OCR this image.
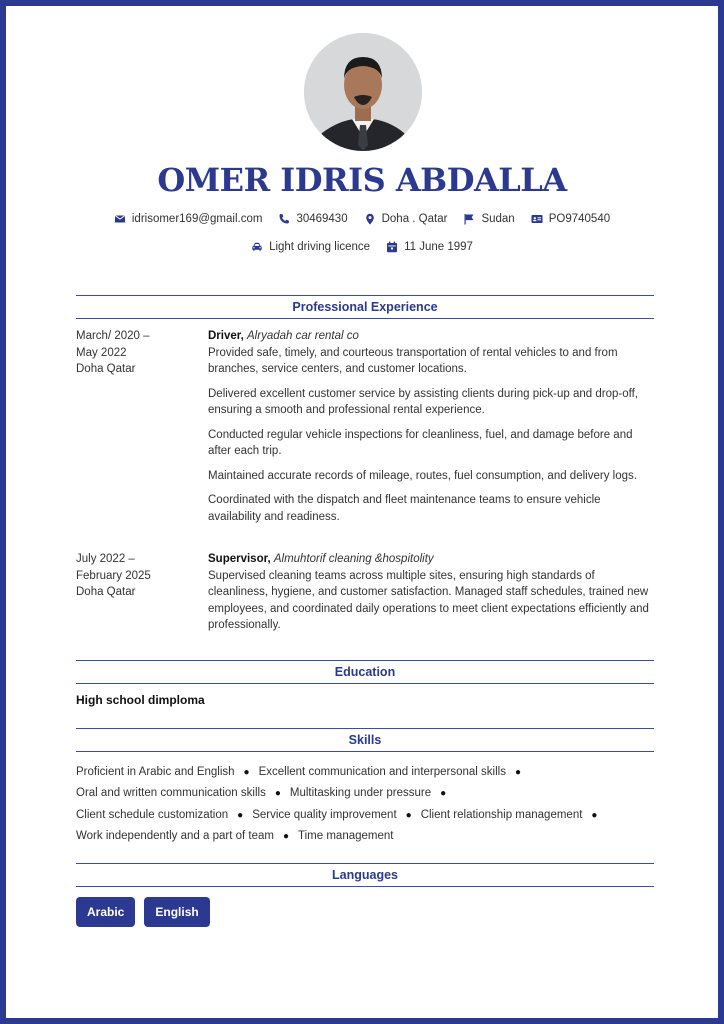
OMER IDRIS ABDALLA
idrisomer169@gmail.com	30469430	Doha . Qatar	Sudan	PO9740540
Light driving licence	11 June 1997
Professional Experience
March/ 2020 –
May 2022
Doha Qatar
Driver, Alryadah car rental co

Provided safe, timely, and courteous transportation of rental vehicles to and from branches, service centers, and customer locations.

Delivered excellent customer service by assisting clients during pick-up and drop-off, ensuring a smooth and professional rental experience.

Conducted regular vehicle inspections for cleanliness, fuel, and damage before and after each trip.

Maintained accurate records of mileage, routes, fuel consumption, and delivery logs.

Coordinated with the dispatch and fleet maintenance teams to ensure vehicle availability and readiness.

July 2022 –
February 2025
Doha Qatar
Supervisor, Almuhtorif cleaning &hospitolity

Supervised cleaning teams across multiple sites, ensuring high standards of cleanliness, hygiene, and customer satisfaction. Managed staff schedules, trained new employees, and coordinated daily operations to meet client expectations efficiently and professionally.

Education
High school dimploma
Skills
Proficient in Arabic and English ● Excellent communication and interpersonal skills ●
Oral and written communication skills ● Multitasking under pressure ●
Client schedule customization ● Service quality improvement ● Client relationship management ●
Work independently and a part of team ● Time management
Languages
Arabic	English
